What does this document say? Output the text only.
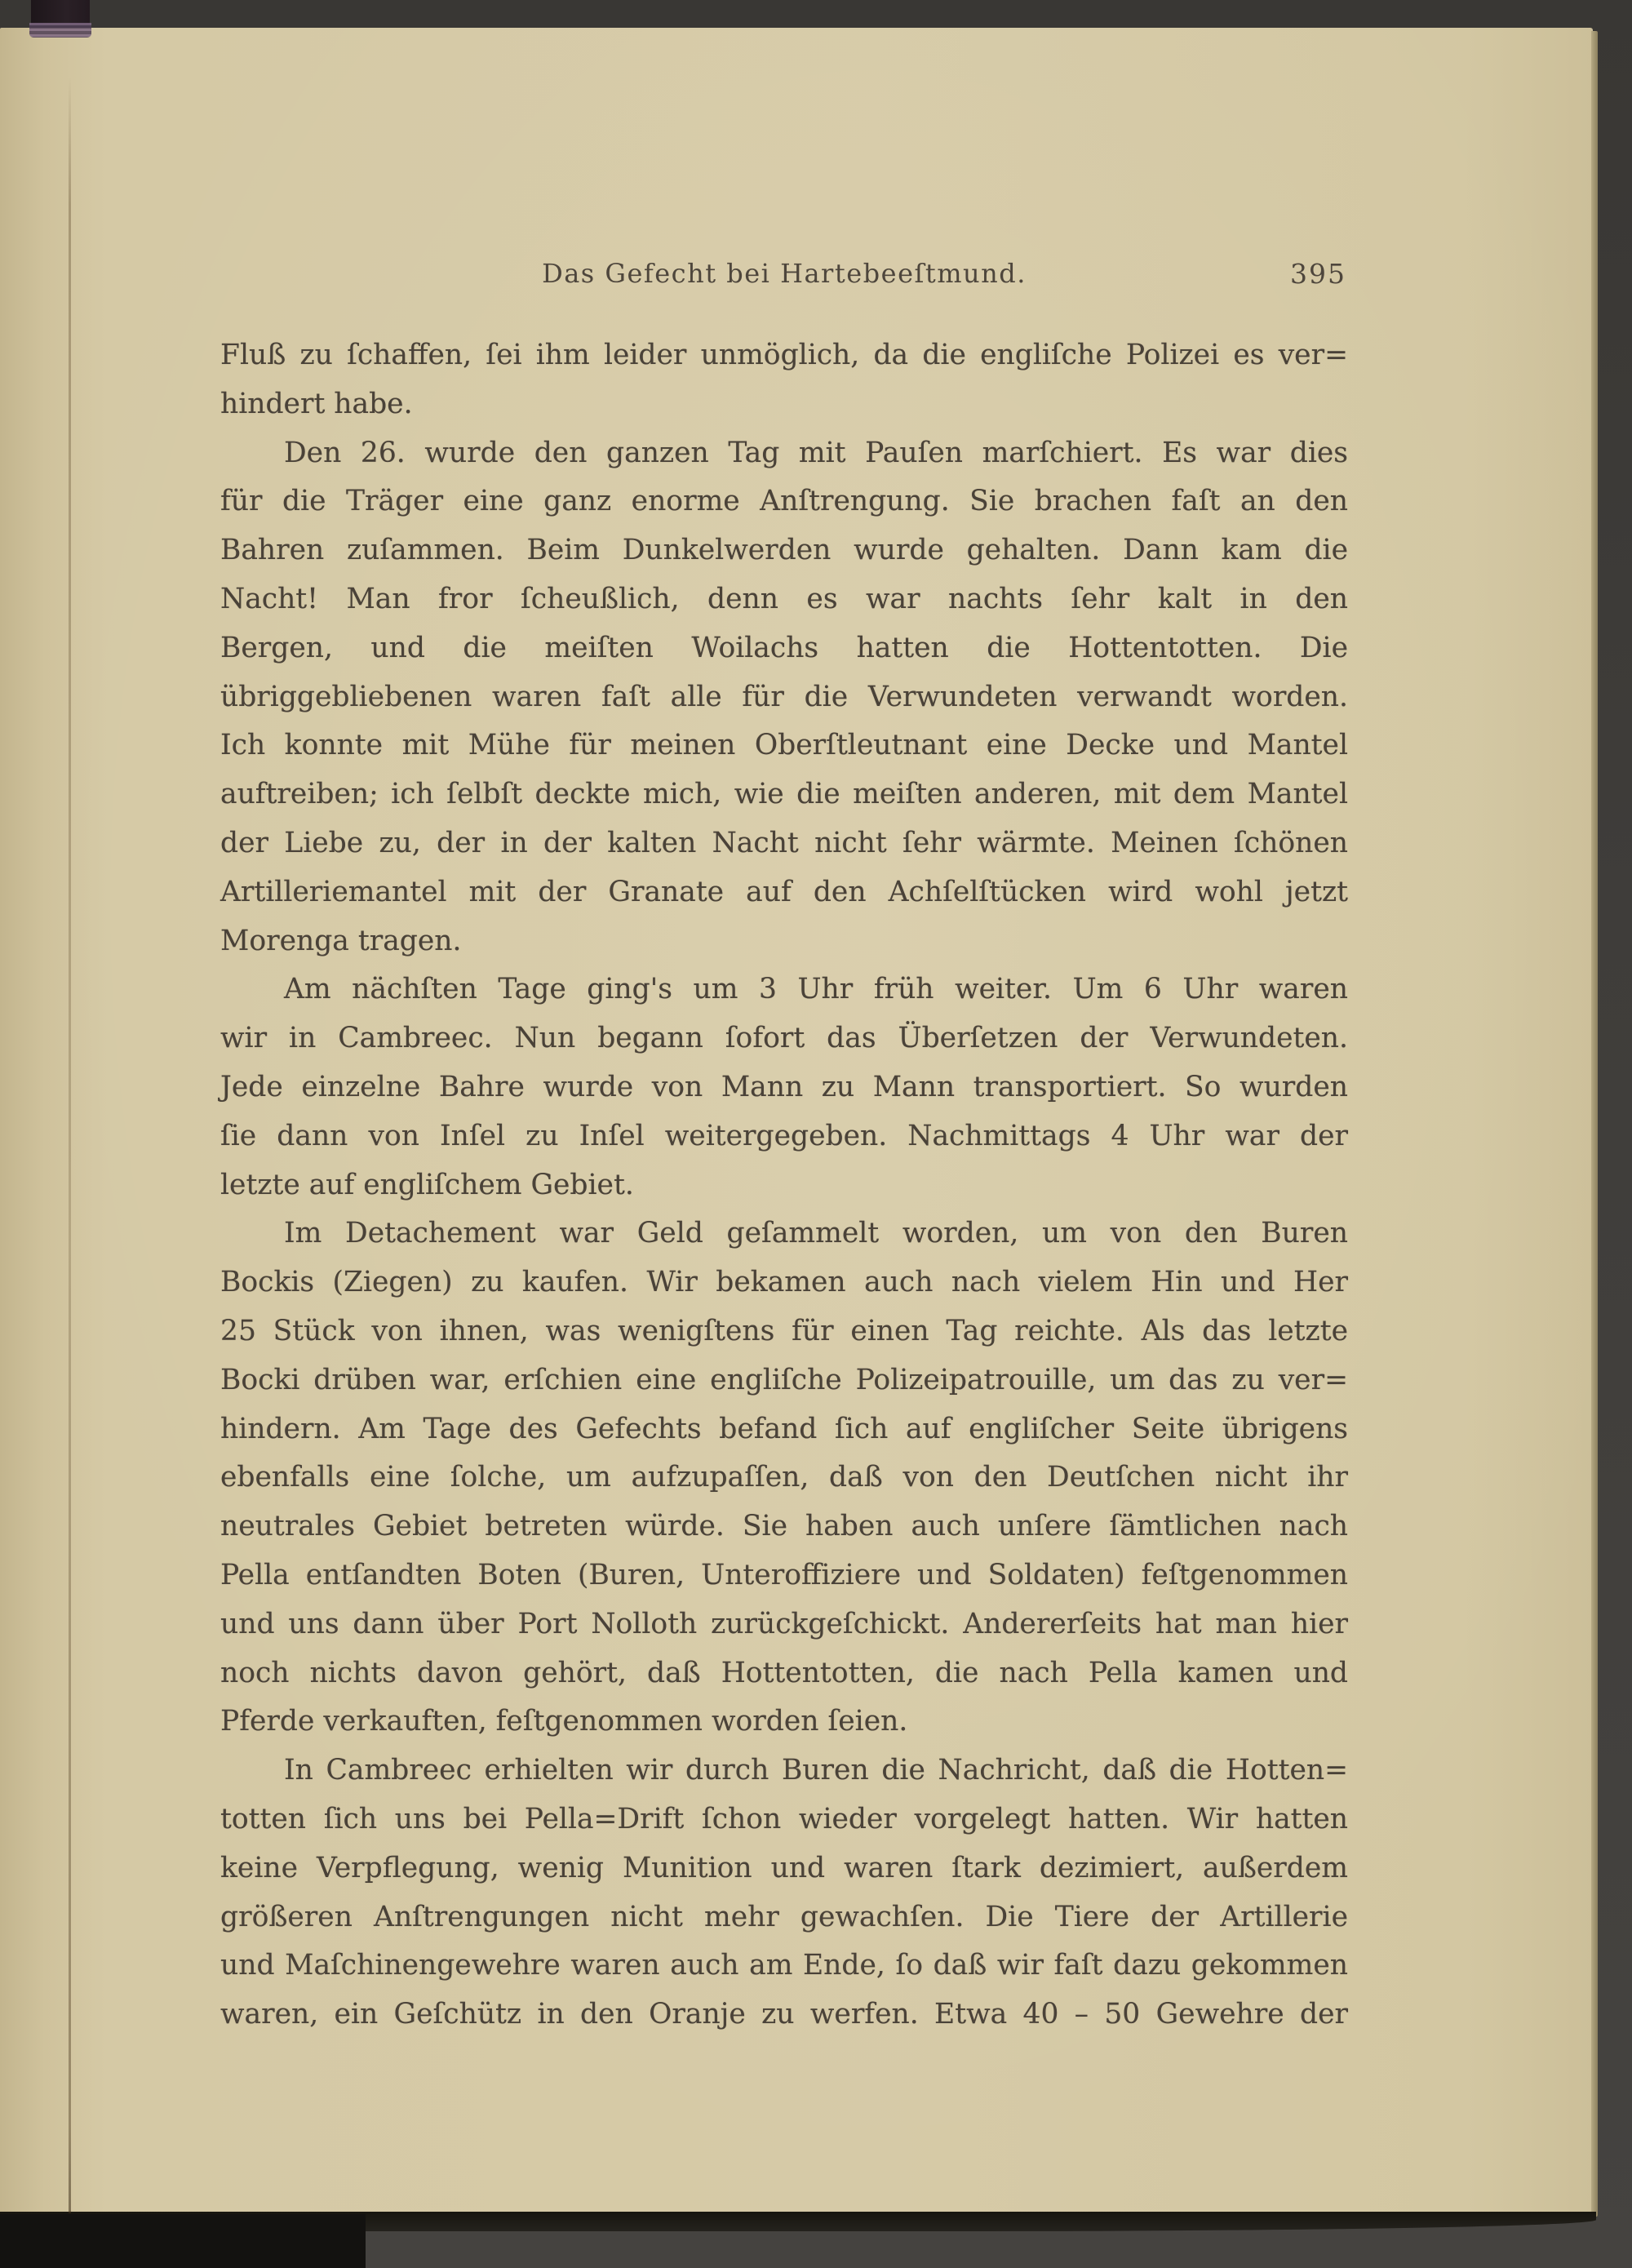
Das Gefecht bei Hartebeeſtmund.	395
Fluß zu ſchaffen, ſei ihm leider unmöglich, da die engliſche Polizei es ver=
hindert habe.
Den 26. wurde den ganzen Tag mit Pauſen marſchiert. Es war dies
für die Träger eine ganz enorme Anſtrengung. Sie brachen faſt an den
Bahren zuſammen. Beim Dunkelwerden wurde gehalten. Dann kam die
Nacht! Man fror ſcheußlich, denn es war nachts ſehr kalt in den
Bergen, und die meiſten Woilachs hatten die Hottentotten. Die
übriggebliebenen waren faſt alle für die Verwundeten verwandt worden.
Ich konnte mit Mühe für meinen Oberſtleutnant eine Decke und Mantel
auftreiben; ich ſelbſt deckte mich, wie die meiſten anderen, mit dem Mantel
der Liebe zu, der in der kalten Nacht nicht ſehr wärmte. Meinen ſchönen
Artilleriemantel mit der Granate auf den Achſelſtücken wird wohl jetzt
Morenga tragen.
Am nächſten Tage ging's um 3 Uhr früh weiter. Um 6 Uhr waren
wir in Cambreec. Nun begann ſofort das Überſetzen der Verwundeten.
Jede einzelne Bahre wurde von Mann zu Mann transportiert. So wurden
ſie dann von Inſel zu Inſel weitergegeben. Nachmittags 4 Uhr war der
letzte auf engliſchem Gebiet.
Im Detachement war Geld geſammelt worden, um von den Buren
Bockis (Ziegen) zu kaufen. Wir bekamen auch nach vielem Hin und Her
25 Stück von ihnen, was wenigſtens für einen Tag reichte. Als das letzte
Bocki drüben war, erſchien eine engliſche Polizeipatrouille, um das zu ver=
hindern. Am Tage des Gefechts befand ſich auf engliſcher Seite übrigens
ebenfalls eine ſolche, um aufzupaſſen, daß von den Deutſchen nicht ihr
neutrales Gebiet betreten würde. Sie haben auch unſere ſämtlichen nach
Pella entſandten Boten (Buren, Unteroffiziere und Soldaten) feſtgenommen
und uns dann über Port Nolloth zurückgeſchickt. Andererſeits hat man hier
noch nichts davon gehört, daß Hottentotten, die nach Pella kamen und
Pferde verkauften, feſtgenommen worden ſeien.
In Cambreec erhielten wir durch Buren die Nachricht, daß die Hotten=
totten ſich uns bei Pella=Drift ſchon wieder vorgelegt hatten. Wir hatten
keine Verpflegung, wenig Munition und waren ſtark dezimiert, außerdem
größeren Anſtrengungen nicht mehr gewachſen. Die Tiere der Artillerie
und Maſchinengewehre waren auch am Ende, ſo daß wir faſt dazu gekommen
waren, ein Geſchütz in den Oranje zu werfen. Etwa 40 – 50 Gewehre der
